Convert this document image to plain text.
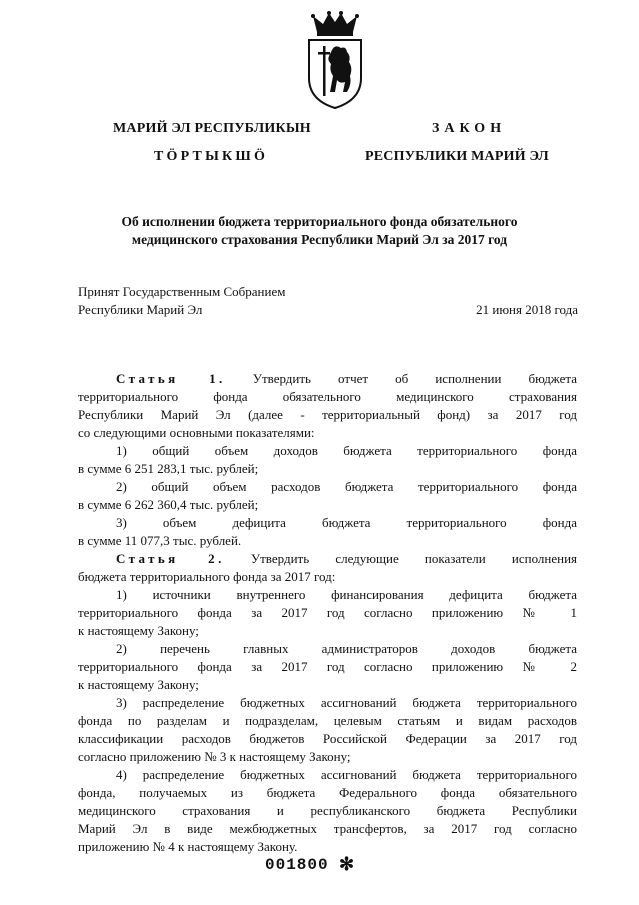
МАРИЙ ЭЛ РЕСПУБЛИКЫН
ТӦРТЫКШӦ
ЗАКОН
РЕСПУБЛИКИ МАРИЙ ЭЛ
Об исполнении бюджета территориального фонда обязательного
медицинского страхования Республики Марий Эл за 2017 год
Принят Государственным Собранием
Республики Марий Эл	21 июня 2018 года
Статья 1. Утвердить отчет об исполнении бюджета
территориального фонда обязательного медицинского страхования
Республики Марий Эл (далее - территориальный фонд) за 2017 год
со следующими основными показателями:
1) общий объем доходов бюджета территориального фонда
в сумме 6 251 283,1 тыс. рублей;
2) общий объем расходов бюджета территориального фонда
в сумме 6 262 360,4 тыс. рублей;
3) объем дефицита бюджета территориального фонда
в сумме 11 077,3 тыс. рублей.
Статья 2. Утвердить следующие показатели исполнения
бюджета территориального фонда за 2017 год:
1) источники внутреннего финансирования дефицита бюджета
территориального фонда за 2017 год согласно приложению № 1
к настоящему Закону;
2) перечень главных администраторов доходов бюджета
территориального фонда за 2017 год согласно приложению № 2
к настоящему Закону;
3) распределение бюджетных ассигнований бюджета территориального
фонда по разделам и подразделам, целевым статьям и видам расходов
классификации расходов бюджетов Российской Федерации за 2017 год
согласно приложению № 3 к настоящему Закону;
4) распределение бюджетных ассигнований бюджета территориального
фонда, получаемых из бюджета Федерального фонда обязательного
медицинского страхования и республиканского бюджета Республики
Марий Эл в виде межбюджетных трансфертов, за 2017 год согласно
приложению № 4 к настоящему Закону.
001800 ✻
